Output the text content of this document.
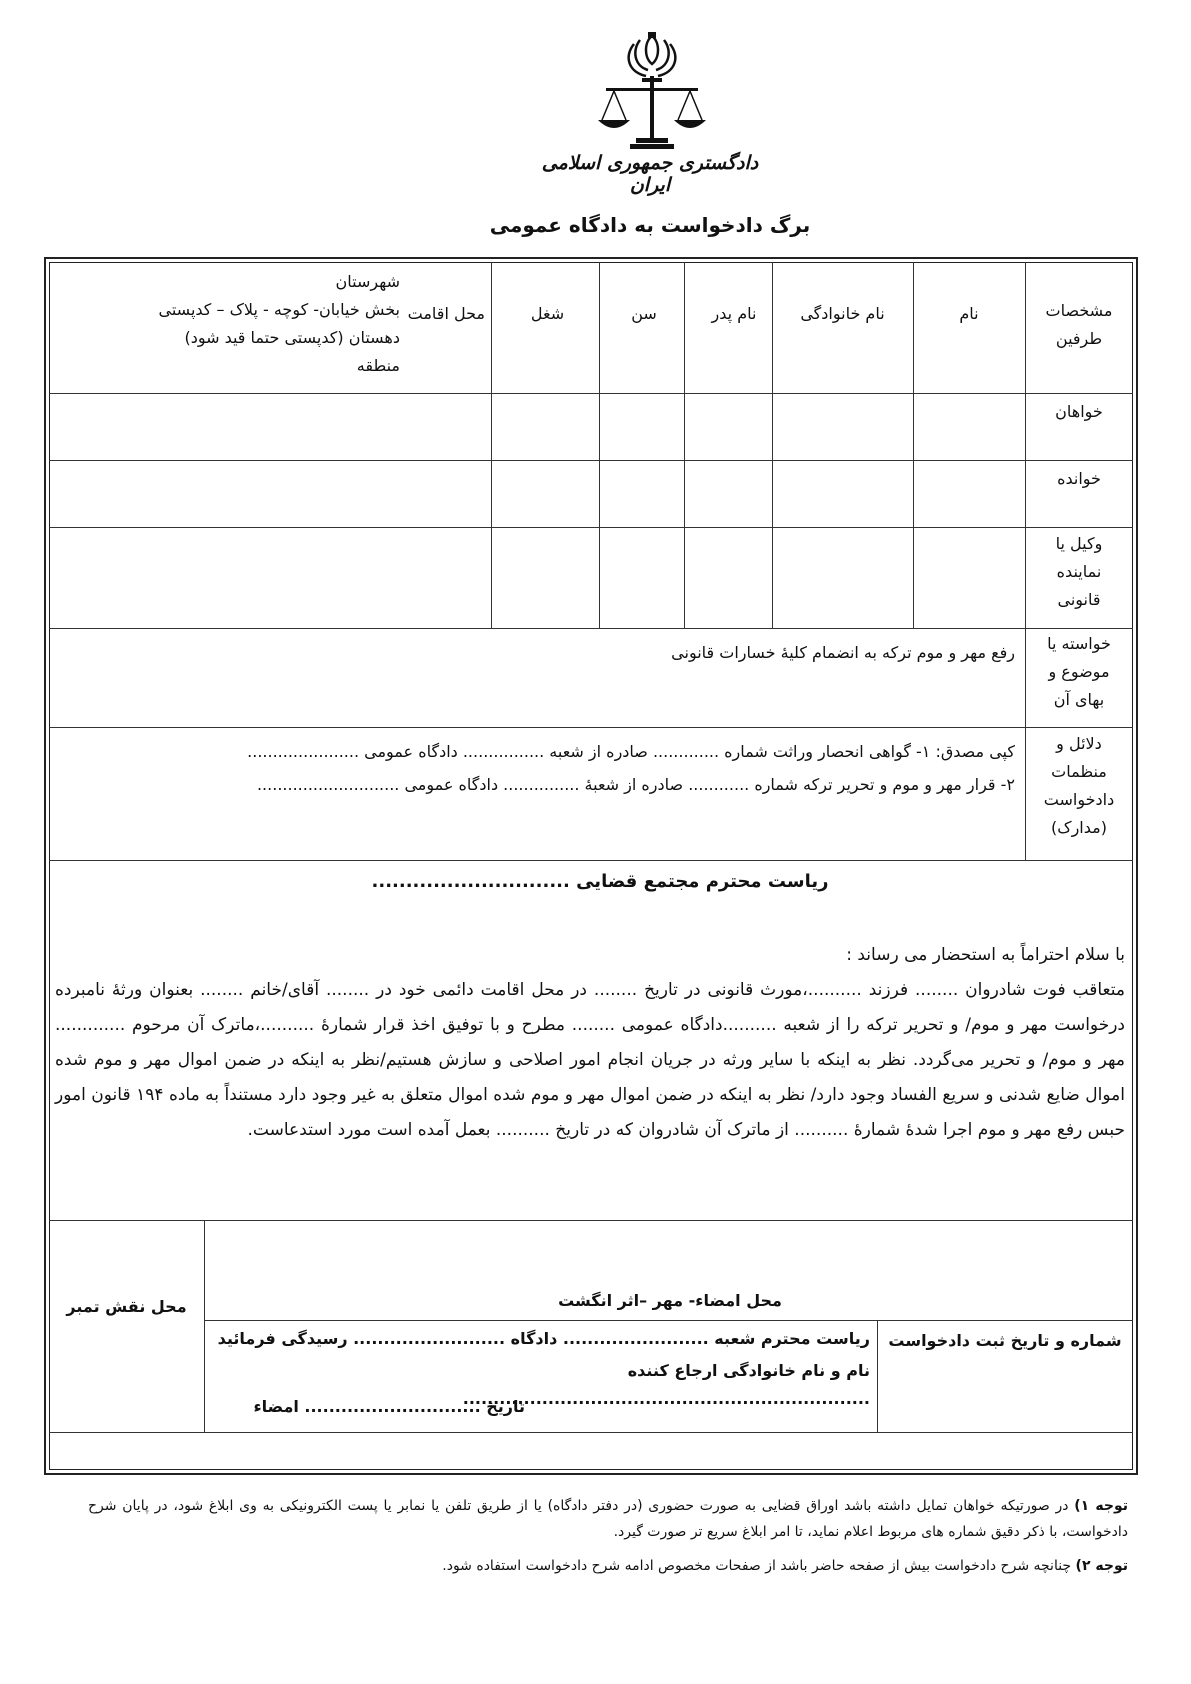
دادگستری جمهوری اسلامی ایران
برگ دادخواست به دادگاه عمومی
مشخصات
طرفین
نام
نام خانوادگی
نام پدر
سن
شغل
محل اقامت
شهرستان
بخش خیابان- کوچه - پلاک – کدپستی
دهستان (کدپستی حتما قید شود)
منطقه
خواهان
خوانده
وکیل یا
نماینده
قانونی
خواسته یا
موضوع و
بهای آن
رفع مهر و موم ترکه به انضمام کلیهٔ خسارات قانونی
دلائل و
منظمات
دادخواست
(مدارک)
کپی مصدق: ۱- گواهی انحصار وراثت شماره ............. صادره از شعبه ................ دادگاه عمومی ......................
۲- قرار مهر و موم و تحریر ترکه شماره ............ صادره از شعبهٔ ............... دادگاه عمومی ............................
ریاست محترم مجتمع قضایی .............................
با سلام احتراماً به استحضار می رساند :
متعاقب فوت شادروان ........ فرزند ..........،مورث قانونی در تاریخ ........ در محل اقامت دائمی خود در ........ آقای/خانم ........ بعنوان ورثهٔ نامبرده درخواست مهر و موم/ و تحریر ترکه را از شعبه ..........دادگاه عمومی ........ مطرح و با توفیق اخذ قرار شمارهٔ ..........،ماترک آن مرحوم ............. مهر و موم/ و تحریر می‌گردد. نظر به اینکه با سایر ورثه در جریان انجام امور اصلاحی و سازش هستیم/نظر به اینکه در ضمن اموال مهر و موم شده اموال ضایع شدنی و سریع الفساد وجود دارد/ نظر به اینکه در ضمن اموال مهر و موم شده اموال متعلق به غیر وجود دارد مستنداً به ماده ۱۹۴ قانون امور حبس رفع مهر و موم اجرا شدهٔ شمارهٔ .......... از ماترک آن شادروان که در تاریخ .......... بعمل آمده است مورد استدعاست.
محل نقش تمبر	محل امضاء- مهر –اثر انگشت
شماره و تاریخ ثبت دادخواست
ریاست محترم شعبه ........................ دادگاه ......................... رسیدگی فرمائید
نام و نام خانوادگی ارجاع کننده ...................................................................
تاریخ ............................. امضاء
توجه ۱) در صورتیکه خواهان تمایل داشته باشد اوراق قضایی به صورت حضوری (در دفتر دادگاه) یا از طریق تلفن یا نمابر یا پست الکترونیکی به وی ابلاغ شود، در پایان شرح دادخواست، با ذکر دقیق شماره های مربوط اعلام نماید، تا امر ابلاغ سریع تر صورت گیرد.
توجه ۲) چنانچه شرح دادخواست بیش از صفحه حاضر باشد از صفحات مخصوص ادامه شرح دادخواست استفاده شود.
